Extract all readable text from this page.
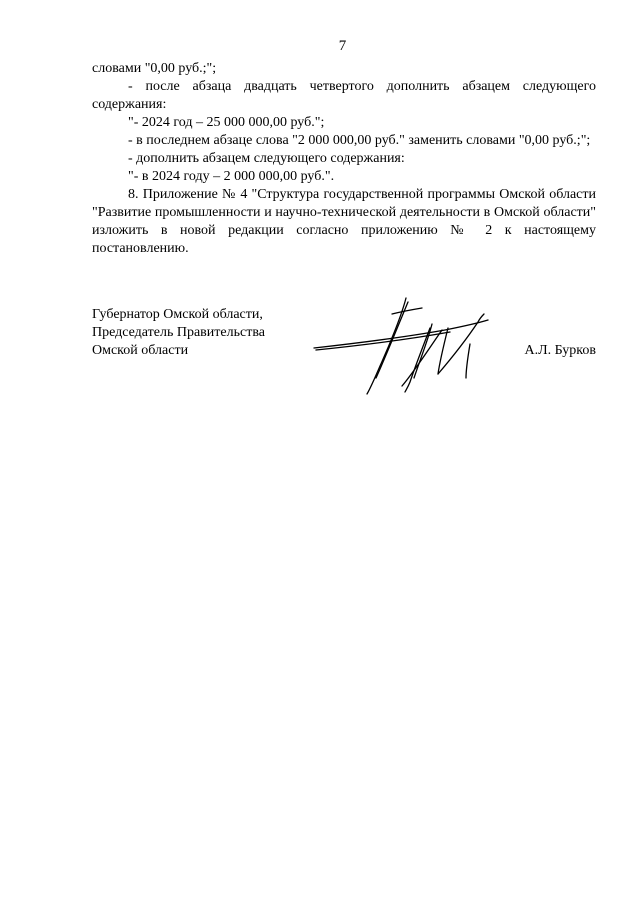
7

словами "0,00 руб.;";

- после абзаца двадцать четвертого дополнить абзацем следующего содержания:

"- 2024 год – 25 000 000,00 руб.";

- в последнем абзаце слова "2 000 000,00 руб." заменить словами "0,00 руб.;";

- дополнить абзацем следующего содержания:

"- в 2024 году – 2 000 000,00 руб.".

8. Приложение № 4 "Структура государственной программы Омской области "Развитие промышленности и научно-технической деятельности в Омской области" изложить в новой редакции согласно приложению № 2 к настоящему постановлению.

Губернатор Омской области,
Председатель Правительства
Омской области	А.Л. Бурков
